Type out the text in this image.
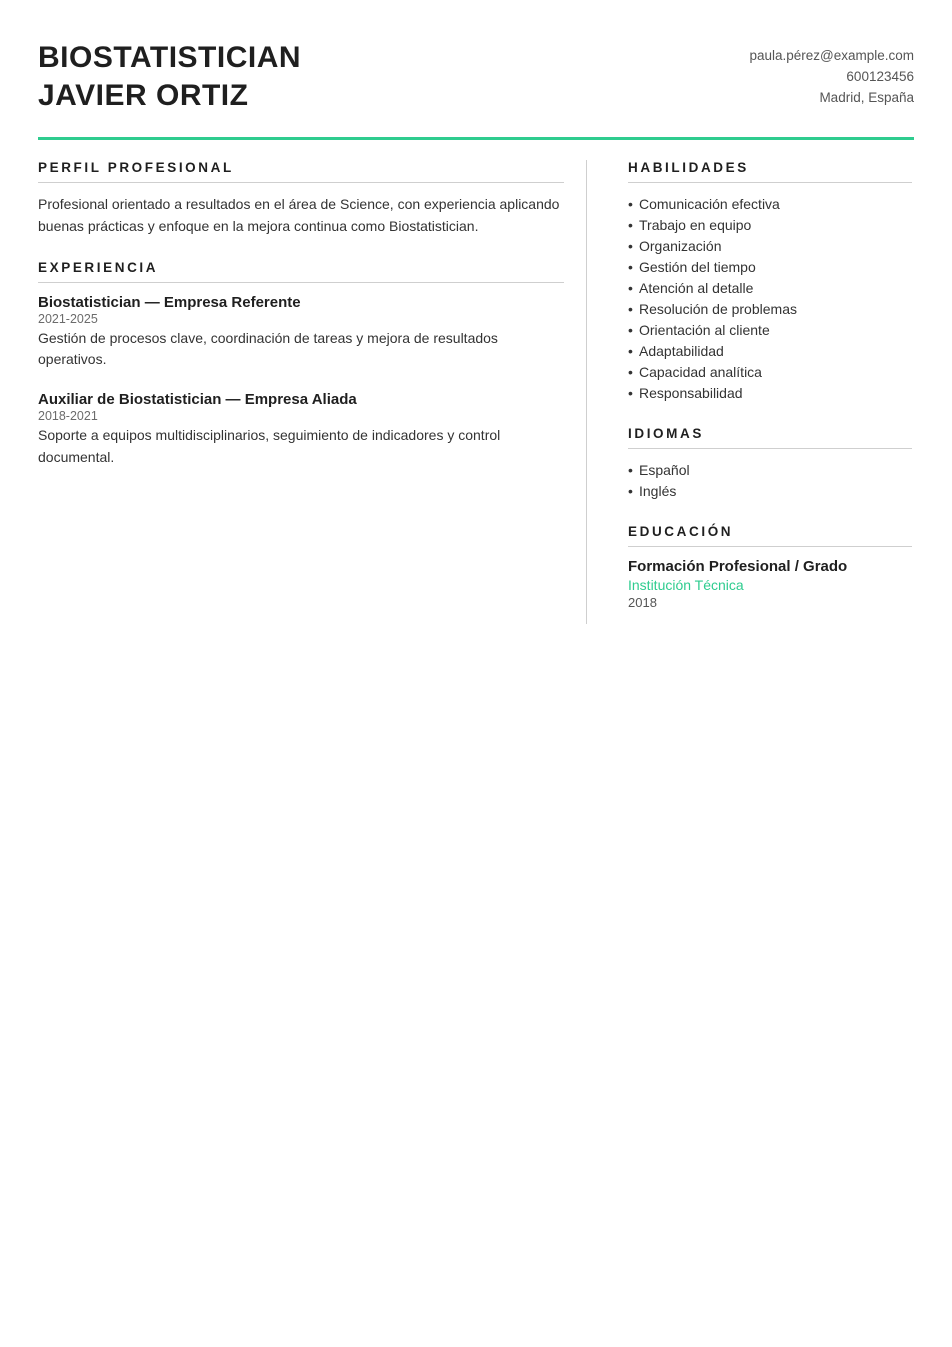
BIOSTATISTICIAN
JAVIER ORTIZ
paula.pérez@example.com
600123456
Madrid, España
PERFIL PROFESIONAL

Profesional orientado a resultados en el área de Science, con experiencia aplicando buenas prácticas y enfoque en la mejora continua como Biostatistician.

EXPERIENCIA

Biostatistician — Empresa Referente

2021-2025

Gestión de procesos clave, coordinación de tareas y mejora de resultados operativos.

Auxiliar de Biostatistician — Empresa Aliada

2018-2021

Soporte a equipos multidisciplinarios, seguimiento de indicadores y control documental.

HABILIDADES
• Comunicación efectiva
• Trabajo en equipo
• Organización
• Gestión del tiempo
• Atención al detalle
• Resolución de problemas
• Orientación al cliente
• Adaptabilidad
• Capacidad analítica
• Responsabilidad
IDIOMAS
• Español
• Inglés
EDUCACIÓN

Formación Profesional / Grado

Institución Técnica

2018
